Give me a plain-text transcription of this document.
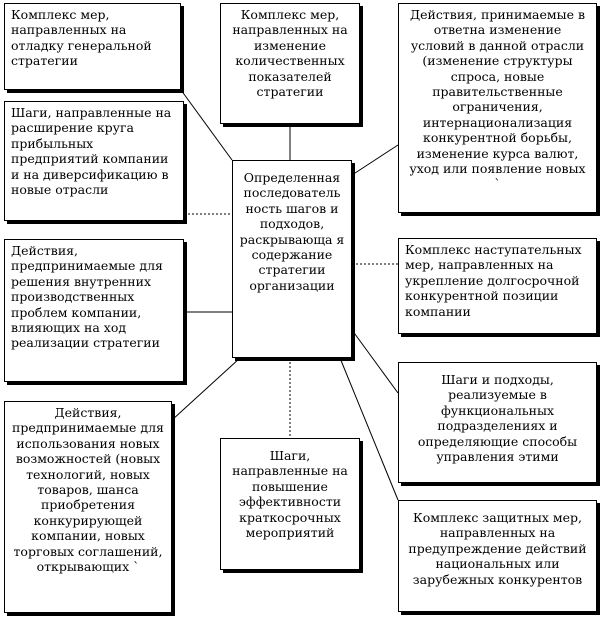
Определенная последователь ность шагов и подходов, раскрывающа я содержание стратегии организации
Комплекс мер, направленных на отладку генеральной стратегии
Комплекс мер, направленных на изменение количественных показателей стратегии
Действия, принимаемые в ответна изменение условий в данной отрасли (изменение структуры спроса, новые правительственные ограничения, интернационализация конкурентной борьбы, изменение курса валют, уход или появление новых `
Шаги, направленные на расширение круга прибыльных предприятий компании и на диверсификацию в новые отрасли
Действия, предпринимаемые для решения внутренних производственных проблем компании, влияющих на ход реализации стратегии
Действия, предпринимаемые для использования новых возможностей (новых технологий, новых товаров, шанса приобретения конкурирующей компании, новых торговых соглашений, открывающих `
Шаги, направленные на повышение эффективности краткосрочных мероприятий
Комплекс наступательных мер, направленных на укрепление долгосрочной конкурентной позиции компании
Шаги и подходы, реализуемые в функциональных подразделениях и определяющие способы управления этими
Комплекс защитных мер, направленных на предупреждение действий национальных или зарубежных конкурентов
